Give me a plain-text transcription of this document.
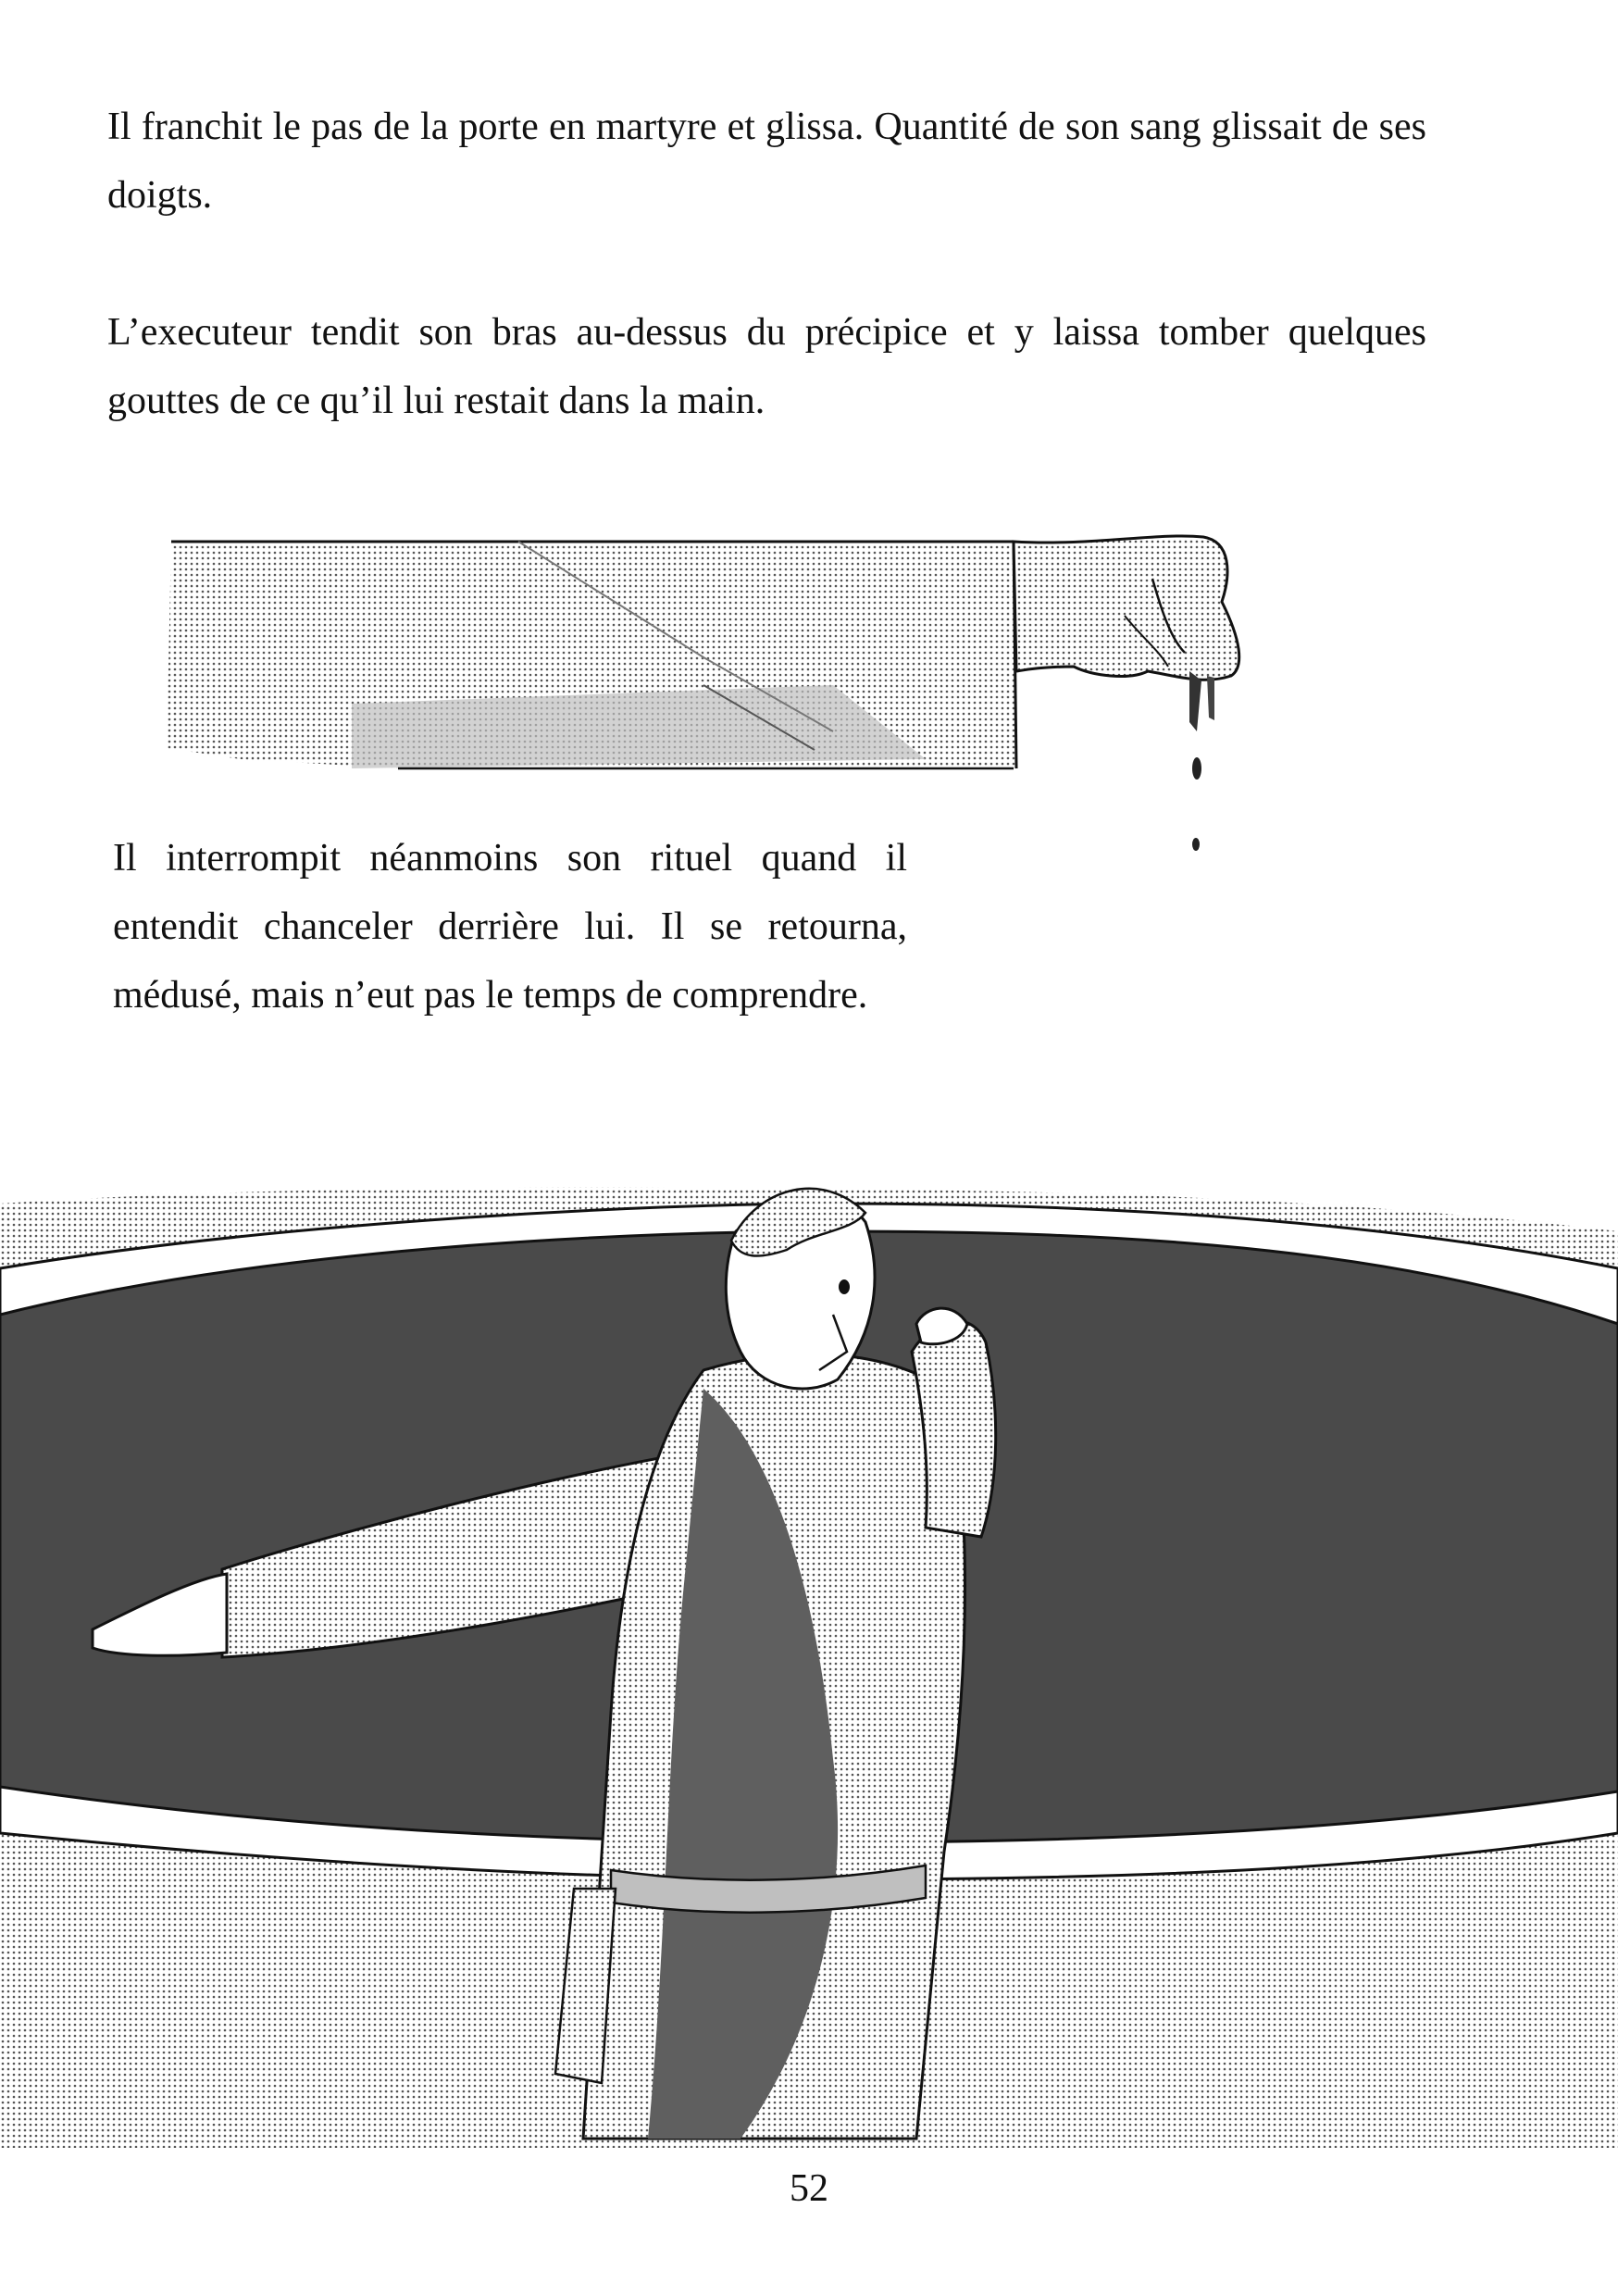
Il franchit le pas de la porte en martyre et glissa. Quantité de son sang glissait de ses doigts.

L’executeur tendit son bras au-dessus du précipice et y laissa tomber quelques gouttes de ce qu’il lui restait dans la main.

Il interrompit néanmoins son rituel quand il entendit chanceler derrière lui. Il se retourna, médusé, mais n’eut pas le temps de comprendre.

52
